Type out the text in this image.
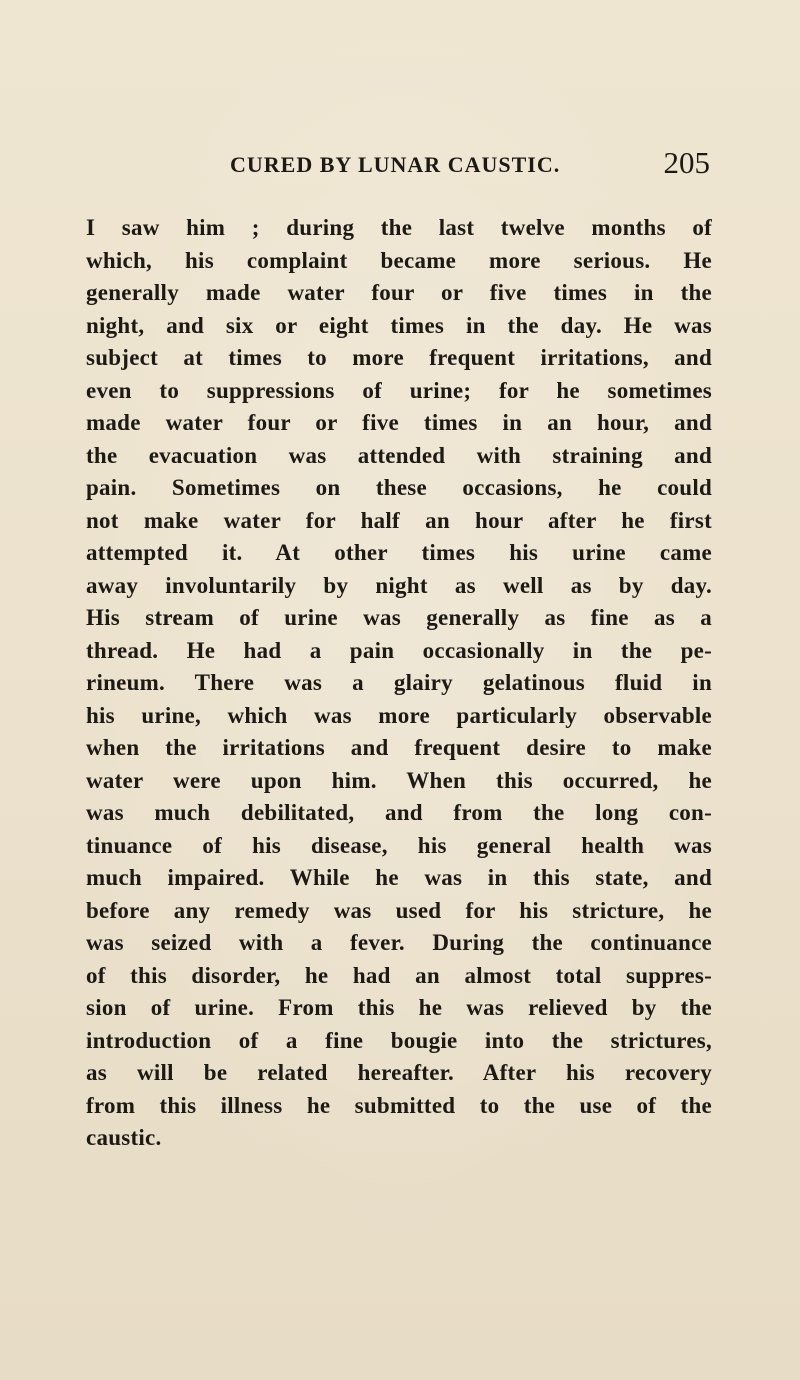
CURED BY LUNAR CAUSTIC.	205
I saw him ; during the last twelve months of
which, his complaint became more serious. He
generally made water four or five times in the
night, and six or eight times in the day. He was
subject at times to more frequent irritations, and
even to suppressions of urine; for he sometimes
made water four or five times in an hour, and
the evacuation was attended with straining and
pain. Sometimes on these occasions, he could
not make water for half an hour after he first
attempted it. At other times his urine came
away involuntarily by night as well as by day.
His stream of urine was generally as fine as a
thread. He had a pain occasionally in the pe-
rineum. There was a glairy gelatinous fluid in
his urine, which was more particularly observable
when the irritations and frequent desire to make
water were upon him. When this occurred, he
was much debilitated, and from the long con-
tinuance of his disease, his general health was
much impaired. While he was in this state, and
before any remedy was used for his stricture, he
was seized with a fever. During the continuance
of this disorder, he had an almost total suppres-
sion of urine. From this he was relieved by the
introduction of a fine bougie into the strictures,
as will be related hereafter. After his recovery
from this illness he submitted to the use of the
caustic.
